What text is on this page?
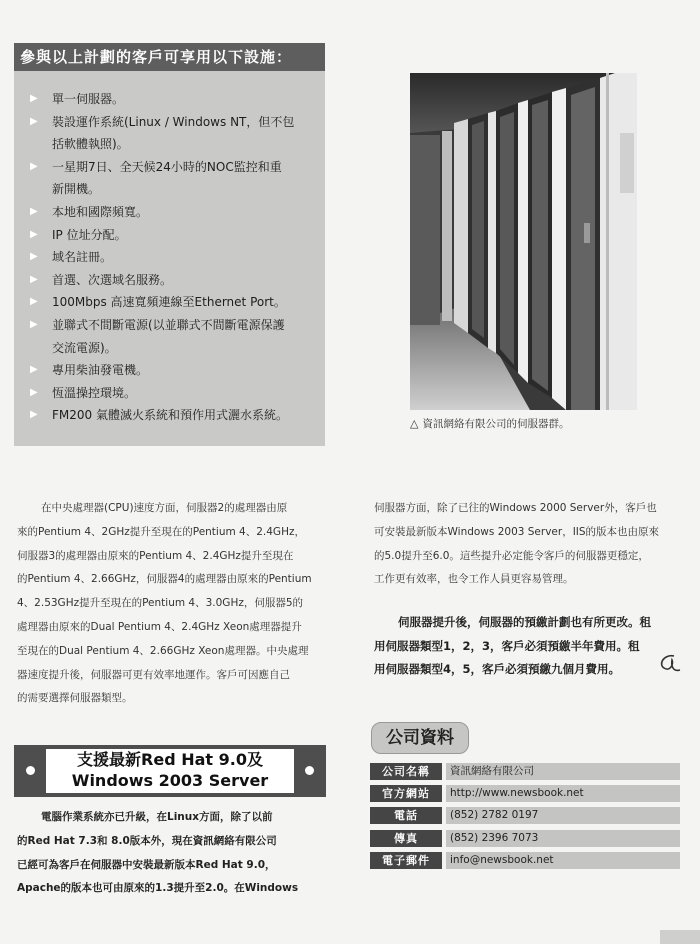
參與以上計劃的客戶可享用以下設施：
▶ 單一伺服器。
▶ 裝設運作系統(Linux / Windows NT，但不包
括軟體執照)。
▶ 一星期7日、全天候24小時的NOC監控和重
新開機。
▶ 本地和國際頻寬。
▶ IP 位址分配。
▶ 域名註冊。
▶ 首選、次選域名服務。
▶ 100Mbps 高速寬頻連線至Ethernet Port。
▶ 並聯式不間斷電源(以並聯式不間斷電源保護
交流電源)。
▶ 專用柴油發電機。
▶ 恆溫操控環境。
▶ FM200 氣體滅火系統和預作用式灑水系統。
△ 資訊網絡有限公司的伺服器群。
在中央處理器(CPU)速度方面，伺服器2的處理器由原
來的Pentium 4、2GHz提升至現在的Pentium 4、2.4GHz，
伺服器3的處理器由原來的Pentium 4、2.4GHz提升至現在
的Pentium 4、2.66GHz，伺服器4的處理器由原來的Pentium
4、2.53GHz提升至現在的Pentium 4、3.0GHz，伺服器5的
處理器由原來的Dual Pentium 4、2.4GHz Xeon處理器提升
至現在的Dual Pentium 4、2.66GHz Xeon處理器。中央處理
器速度提升後，伺服器可更有效率地運作。客戶可因應自己
的需要選擇伺服器類型。
伺服器方面，除了已往的Windows 2000 Server外，客戶也
可安裝最新版本Windows 2003 Server，IIS的版本也由原來
的5.0提升至6.0。這些提升必定能令客戶的伺服器更穩定，
工作更有效率，也令工作人員更容易管理。
伺服器提升後，伺服器的預繳計劃也有所更改。租
用伺服器類型1，2，3，客戶必須預繳半年費用。租
用伺服器類型4，5，客戶必須預繳九個月費用。
支援最新Red Hat 9.0及
Windows 2003 Server
電腦作業系統亦已升級，在Linux方面，除了以前
的Red Hat 7.3和 8.0版本外，現在資訊網絡有限公司
已經可為客戶在伺服器中安裝最新版本Red Hat 9.0，
Apache的版本也可由原來的1.3提升至2.0。在Windows
公司資料
公司名稱	資訊網絡有限公司
官方網站	http://www.newsbook.net
電話	(852) 2782 0197
傳真	(852) 2396 7073
電子郵件	info@newsbook.net
